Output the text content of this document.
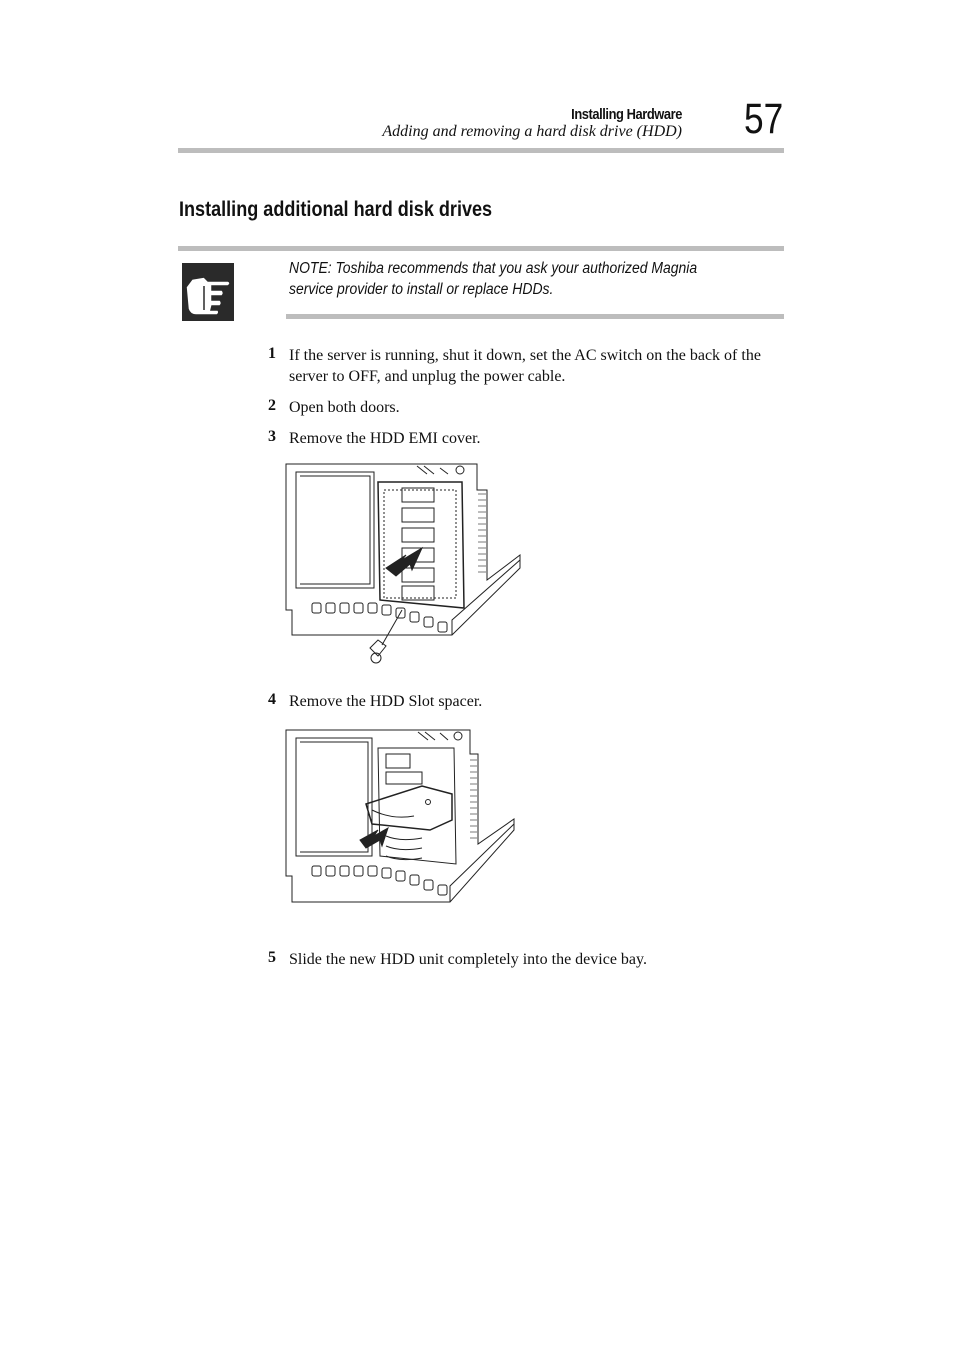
Installing Hardware
Adding and removing a hard disk drive (HDD) 57
Installing additional hard disk drives
NOTE: Toshiba recommends that you ask your authorized Magnia service provider to install or replace HDDs.
1 If the server is running, shut it down, set the AC switch on the back of the server to OFF, and unplug the power cable.
2 Open both doors.
3 Remove the HDD EMI cover.
4 Remove the HDD Slot spacer.
5 Slide the new HDD unit completely into the device bay.
